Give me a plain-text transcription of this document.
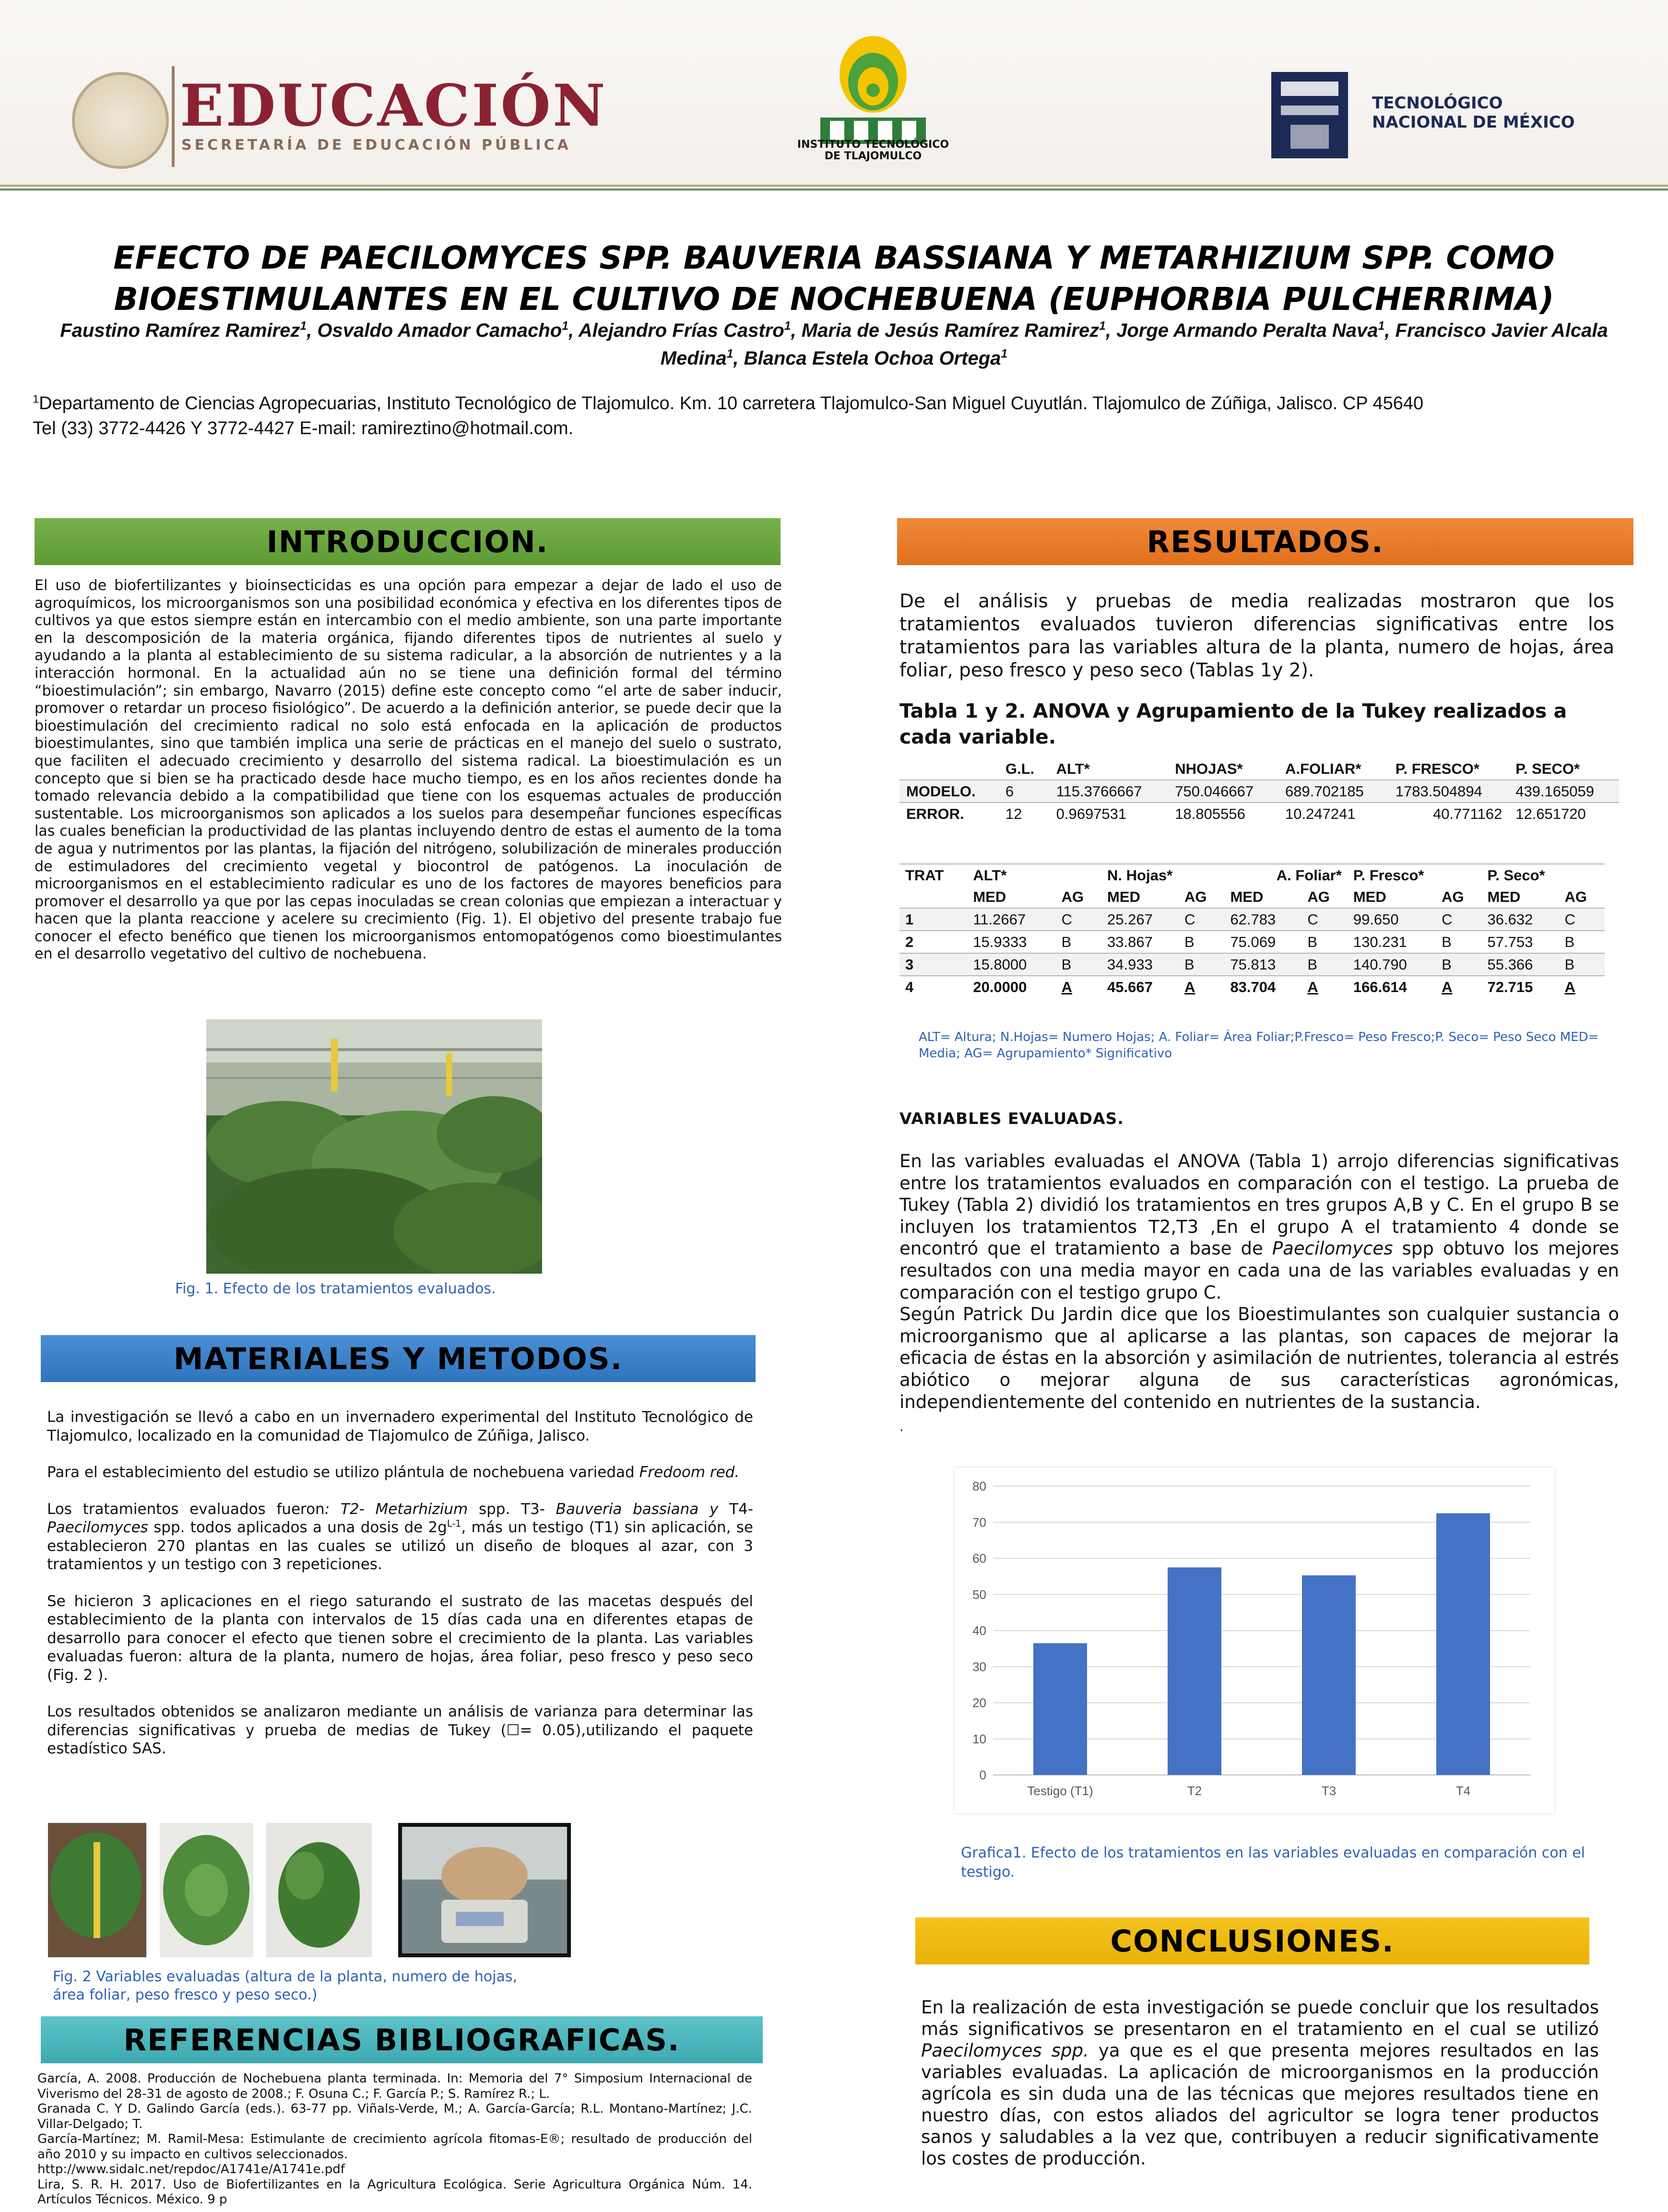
EDUCACIÓN
SECRETARÍA DE EDUCACIÓN PÚBLICA	INSTITUTO TECNOLÓGICO
DE TLAJOMULCO
TECNOLÓGICO
NACIONAL DE MÉXICO
EFECTO DE PAECILOMYCES SPP. BAUVERIA BASSIANA Y METARHIZIUM SPP. COMO BIOESTIMULANTES EN EL CULTIVO DE NOCHEBUENA (EUPHORBIA PULCHERRIMA)
Faustino Ramírez Ramirez$^1$, Osvaldo Amador Camacho$^1$, Alejandro Frías Castro$^1$, Maria de Jesús Ramírez Ramirez$^1$, Jorge Armando Peralta Nava$^1$, Francisco Javier Alcala Medina$^1$, Blanca Estela Ochoa Ortega$^1$
$^1$Departamento de Ciencias Agropecuarias, Instituto Tecnológico de Tlajomulco. Km. 10 carretera Tlajomulco-San Miguel Cuyutlán. Tlajomulco de Zúñiga, Jalisco. CP 45640
Tel (33) 3772-4426 Y 3772-4427 E-mail: ramireztino@hotmail.com.
INTRODUCCION.
El uso de biofertilizantes y bioinsecticidas es una opción para empezar a dejar de lado el uso de agroquímicos, los microorganismos son una posibilidad económica y efectiva en los diferentes tipos de cultivos ya que estos siempre están en intercambio con el medio ambiente, son una parte importante en la descomposición de la materia orgánica, fijando diferentes tipos de nutrientes al suelo y ayudando a la planta al establecimiento de su sistema radicular, a la absorción de nutrientes y a la interacción hormonal. En la actualidad aún no se tiene una definición formal del término “bioestimulación”; sin embargo, Navarro (2015) define este concepto como “el arte de saber inducir, promover o retardar un proceso fisiológico”. De acuerdo a la definición anterior, se puede decir que la bioestimulación del crecimiento radical no solo está enfocada en la aplicación de productos bioestimulantes, sino que también implica una serie de prácticas en el manejo del suelo o sustrato, que faciliten el adecuado crecimiento y desarrollo del sistema radical. La bioestimulación es un concepto que si bien se ha practicado desde hace mucho tiempo, es en los años recientes donde ha tomado relevancia debido a la compatibilidad que tiene con los esquemas actuales de producción sustentable. Los microorganismos son aplicados a los suelos para desempeñar funciones específicas las cuales benefician la productividad de las plantas incluyendo dentro de estas el aumento de la toma de agua y nutrimentos por las plantas, la fijación del nitrógeno, solubilización de minerales producción de estimuladores del crecimiento vegetal y biocontrol de patógenos. La inoculación de microorganismos en el establecimiento radicular es uno de los factores de mayores beneficios para promover el desarrollo ya que por las cepas inoculadas se crean colonias que empiezan a interactuar y hacen que la planta reaccione y acelere su crecimiento (Fig. 1). El objetivo del presente trabajo fue conocer el efecto benéfico que tienen los microorganismos entomopatógenos como bioestimulantes en el desarrollo vegetativo del cultivo de nochebuena.
Fig. 1. Efecto de los tratamientos evaluados.
MATERIALES Y METODOS.

La investigación se llevó a cabo en un invernadero experimental del Instituto Tecnológico de Tlajomulco, localizado en la comunidad de Tlajomulco de Zúñiga, Jalisco.

Para el establecimiento del estudio se utilizo plántula de nochebuena variedad Fredoom red.

Los tratamientos evaluados fueron: T2- Metarhizium spp. T3- Bauveria bassiana y T4- Paecilomyces spp. todos aplicados a una dosis de $2g^{L-1}$, más un testigo (T1) sin aplicación, se establecieron 270 plantas en las cuales se utilizó un diseño de bloques al azar, con 3 tratamientos y un testigo con 3 repeticiones.

Se hicieron 3 aplicaciones en el riego saturando el sustrato de las macetas después del establecimiento de la planta con intervalos de 15 días cada una en diferentes etapas de desarrollo para conocer el efecto que tienen sobre el crecimiento de la planta. Las variables evaluadas fueron: altura de la planta, numero de hojas, área foliar, peso fresco y peso seco (Fig. 2 ).

Los resultados obtenidos se analizaron mediante un análisis de varianza para determinar las diferencias significativas y prueba de medias de Tukey (☐= 0.05),utilizando el paquete estadístico SAS.

Fig. 2 Variables evaluadas (altura de la planta, numero de hojas,
área foliar, peso fresco y peso seco.)
REFERENCIAS BIBLIOGRAFICAS.
García, A. 2008. Producción de Nochebuena planta terminada. In: Memoria del 7° Simposium Internacional de Viverismo del 28-31 de agosto de 2008.; F. Osuna C.; F. García P.; S. Ramírez R.; L.
Granada C. Y D. Galindo García (eds.). 63-77 pp. Viñals-Verde, M.; A. García-García; R.L. Montano-Martínez; J.C. Villar-Delgado; T.
García-Martínez; M. Ramil-Mesa: Estimulante de crecimiento agrícola fitomas-E®; resultado de producción del año 2010 y su impacto en cultivos seleccionados.
http://www.sidalc.net/repdoc/A1741e/A1741e.pdf
Lira, S. R. H. 2017. Uso de Biofertilizantes en la Agricultura Ecológica. Serie Agricultura Orgánica Núm. 14. Artículos Técnicos. México. 9 p
RESULTADOS.
De el análisis y pruebas de media realizadas mostraron que los tratamientos evaluados tuvieron diferencias significativas entre los tratamientos para las variables altura de la planta, numero de hojas, área foliar, peso fresco y peso seco (Tablas 1y 2).
Tabla 1 y 2. ANOVA y Agrupamiento de la Tukey realizados a cada variable.
	G.L.	ALT*	NHOJAS*	A.FOLIAR*	P. FRESCO*	P. SECO*
MODELO.	6	115.3766667	750.046667	689.702185	1783.504894	439.165059
ERROR.	12	0.9697531	18.805556	10.247241	40.771162	12.651720
TRAT	ALT*		N. Hojas*		A. Foliar*		P. Fresco*		P. Seco*	
	MED	AG	MED	AG	MED	AG	MED	AG	MED	AG
1	11.2667	C	25.267	C	62.783	C	99.650	C	36.632	C
2	15.9333	B	33.867	B	75.069	B	130.231	B	57.753	B
3	15.8000	B	34.933	B	75.813	B	140.790	B	55.366	B
4	20.0000	A	45.667	A	83.704	A	166.614	A	72.715	A
ALT= Altura; N.Hojas= Numero Hojas; A. Foliar= Área Foliar;P.Fresco= Peso Fresco;P. Seco= Peso Seco MED= Media; AG= Agrupamiento* Significativo
VARIABLES EVALUADAS.
En las variables evaluadas el ANOVA (Tabla 1) arrojo diferencias significativas entre los tratamientos evaluados en comparación con el testigo. La prueba de Tukey (Tabla 2) dividió los tratamientos en tres grupos A,B y C. En el grupo B se incluyen los tratamientos T2,T3 ,En el grupo A el tratamiento 4 donde se encontró que el tratamiento a base de Paecilomyces spp obtuvo los mejores resultados con una media mayor en cada una de las variables evaluadas y en comparación con el testigo grupo C.
Según Patrick Du Jardin dice que los Bioestimulantes son cualquier sustancia o microorganismo que al aplicarse a las plantas, son capaces de mejorar la eficacia de éstas en la absorción y asimilación de nutrientes, tolerancia al estrés abiótico o mejorar alguna de sus características agronómicas, independientemente del contenido en nutrientes de la sustancia.
.
0
10
20
30
40
50
60
70
80
Testigo (T1)	T2	T3	T4
Grafica1. Efecto de los tratamientos en las variables evaluadas en comparación con el testigo.
CONCLUSIONES.
En la realización de esta investigación se puede concluir que los resultados más significativos se presentaron en el tratamiento en el cual se utilizó Paecilomyces spp. ya que es el que presenta mejores resultados en las variables evaluadas. La aplicación de microorganismos en la producción agrícola es sin duda una de las técnicas que mejores resultados tiene en nuestro días, con estos aliados del agricultor se logra tener productos sanos y saludables a la vez que, contribuyen a reducir significativamente los costes de producción.
